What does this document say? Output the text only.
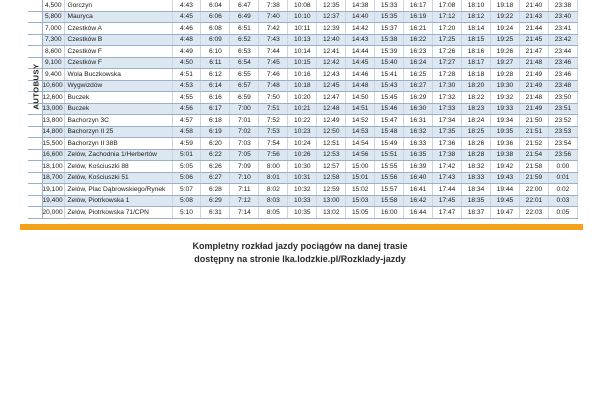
	4,500	Gorczyn	4:43	6:04	6:47	7:38	10:08	12:35	14:38	15:33	16:17	17:08	18:10	19:18	21:40	23:38
	5,800	Mauryca	4:45	6:06	6:49	7:40	10:10	12:37	14:40	15:35	16:19	17:12	18:12	19:22	21:43	23:40
	7,000	Czestków A	4:46	6:08	6:51	7:42	10:11	12:39	14:42	15:37	16:21	17:20	18:14	19:24	21:44	23:41
	7,300	Czestków B	4:48	6:09	6:52	7:43	10:13	12:40	14:43	15:38	16:22	17:25	18:15	19:25	21:45	23:42
	8,600	Czestków F	4:49	6:10	6:53	7:44	10:14	12:41	14:44	15:39	16:23	17:26	18:16	19:26	21:47	23:44
	9,100	Czestków F	4:50	6:11	6:54	7:45	10:15	12:42	14:45	15:40	16:24	17:27	18:17	19:27	21:48	23:46
	9,400	Wola Buczkowska	4:51	6:12	6:55	7:46	10:16	12:43	14:46	15:41	16:25	17:28	18:18	19:28	21:49	23:46
	10,600	Wygwizdów	4:53	6:14	6:57	7:48	10:18	12:45	14:48	15:43	16:27	17:30	18:20	19:30	21:49	23:48
	12,600	Buczek	4:55	6:16	6:59	7:50	10:20	12:47	14:50	15:45	16:29	17:32	18:22	19:32	21:48	23:50
	13,000	Buczek	4:56	6:17	7:00	7:51	10:21	12:48	14:51	15:46	16:30	17:33	18:23	19:33	21:49	23:51
	13,800	Bachorzyn 3C	4:57	6:18	7:01	7:52	10:22	12:49	14:52	15:47	16:31	17:34	18:24	19:34	21:50	23:52
	14,800	Bachorzyn II 25	4:58	6:19	7:02	7:53	10:23	12:50	14:53	15:48	16:32	17:35	18:25	19:35	21:51	23:53
	15,500	Bachorzyn II 38B	4:59	6:20	7:03	7:54	10:24	12:51	14:54	15:49	16:33	17:36	18:26	19:36	21:52	23:54
	16,600	Zelów, Zachodnia 1/Herbertów	5:01	6:22	7:05	7:56	10:26	12:53	14:56	15:51	16:35	17:38	18:28	19:38	21:54	23:56
	18,100	Zelów, Kościuszki 88	5:05	6:26	7:09	8:00	10:30	12:57	15:00	15:55	16:39	17:42	18:32	19:42	21:58	0:00
	18,700	Zelów, Kościuszki 51	5:06	6:27	7:10	8:01	10:31	12:58	15:01	15:56	16:40	17:43	18:33	19:43	21:59	0:01
	19,100	Zelów, Plac Dąbrowskiego/Rynek	5:07	6:28	7:11	8:02	10:32	12:59	15:02	15:57	16:41	17:44	18:34	19:44	22:00	0:02
	19,400	Zelów, Piotrkowska 1	5:08	6:29	7:12	8:03	10:33	13:00	15:03	15:58	16:42	17:45	18:35	19:45	22:01	0:03
	20,000	Zelów, Piotrkowska 71/CPN	5:10	6:31	7:14	8:05	10:35	13:02	15:05	16:00	16:44	17:47	18:37	19:47	22:03	0:05
AUTOBUSY
Kompletny rozkład jazdy pociągów na danej trasie
dostępny na stronie lka.lodzkie.pl/Rozklady-jazdy
